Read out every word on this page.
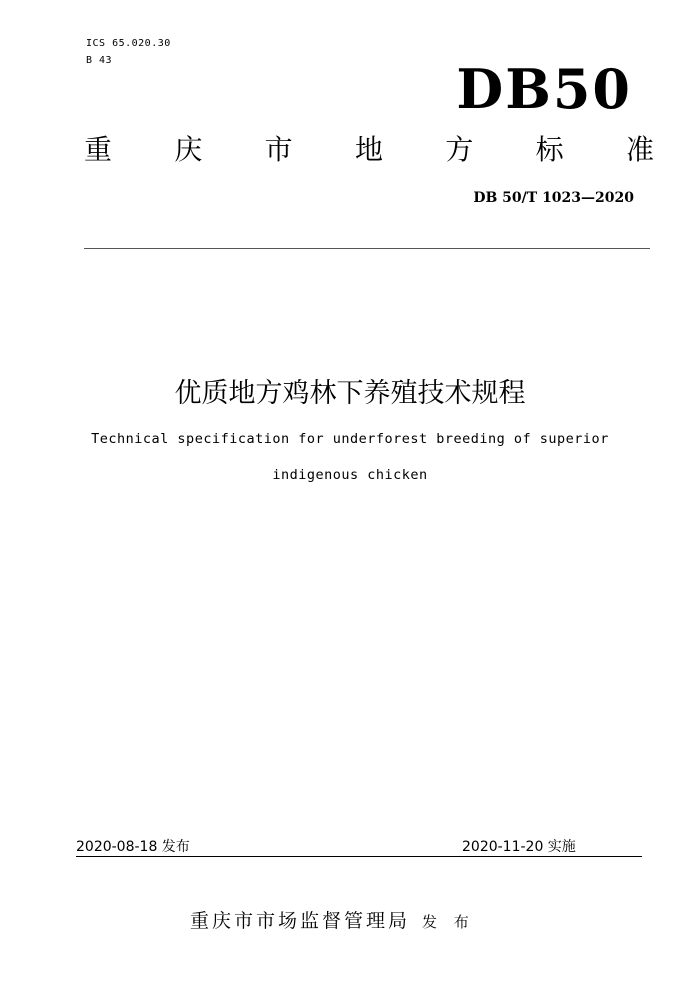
ICS 65.020.30
B 43	DB50
重 庆 市 地 方 标 准
DB 50/T 1023—2020
优质地方鸡林下养殖技术规程
Technical specification for underforest breeding of superior
indigenous chicken
2020-08-18 发布	2020-11-20 实施
重庆市市场监督管理局 发 布
